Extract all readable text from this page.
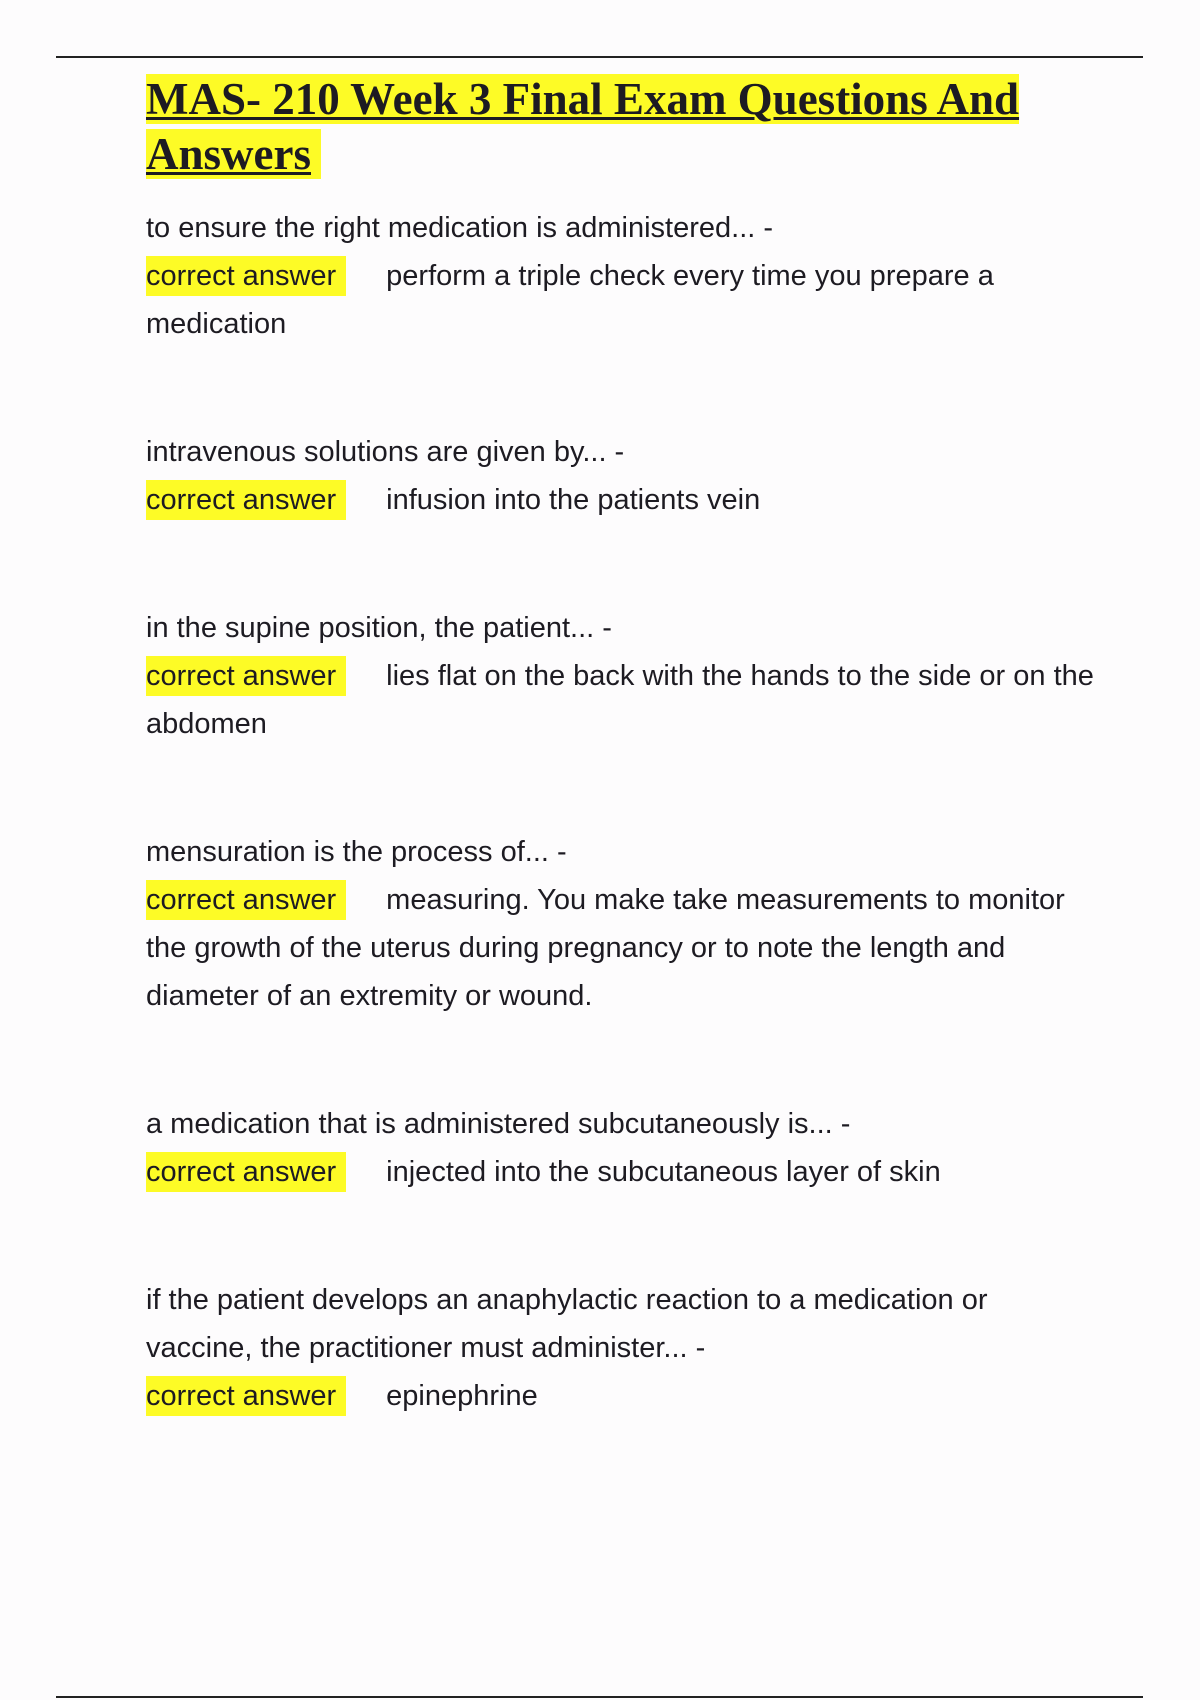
MAS- 210 Week 3 Final Exam Questions And Answers
to ensure the right medication is administered... -
correct answer perform a triple check every time you prepare a medication
intravenous solutions are given by... -
correct answer infusion into the patients vein
in the supine position, the patient... -
correct answer lies flat on the back with the hands to the side or on the abdomen
mensuration is the process of... -
correct answer measuring. You make take measurements to monitor the growth of the uterus during pregnancy or to note the length and diameter of an extremity or wound.
a medication that is administered subcutaneously is... -
correct answer injected into the subcutaneous layer of skin
if the patient develops an anaphylactic reaction to a medication or vaccine, the practitioner must administer... -
correct answer epinephrine
